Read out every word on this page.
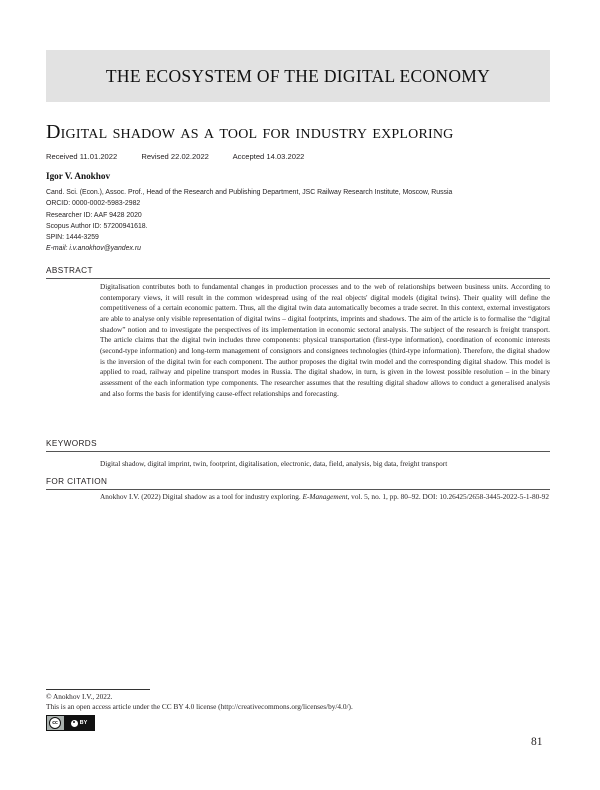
THE ECOSYSTEM OF THE DIGITAL ECONOMY
Digital shadow as a tool for industry exploring
Received 11.01.2022	Revised 22.02.2022	Accepted 14.03.2022
Igor V. Anokhov
Cand. Sci. (Econ.), Assoc. Prof., Head of the Research and Publishing Department, JSC Railway Research Institute, Moscow, Russia
ORCID: 0000-0002-5983-2982
Researcher ID: AAF 9428 2020
Scopus Author ID: 57200941618.
SPIN: 1444-3259
E-mail: i.v.anokhov@yandex.ru
ABSTRACT

Digitalisation contributes both to fundamental changes in production processes and to the web of relationships between business units. According to contemporary views, it will result in the common widespread using of the real objects' digital models (digital twins). Their quality will define the competitiveness of a certain economic pattern. Thus, all the digital twin data automatically becomes a trade secret. In this context, external investigators are able to analyse only visible representation of digital twins – digital footprints, imprints and shadows. The aim of the article is to formalise the “digital shadow” notion and to investigate the perspectives of its implementation in economic sectoral analysis. The subject of the research is freight transport. The article claims that the digital twin includes three components: physical transportation (first-type information), coordination of economic interests (second-type information) and long-term management of consignors and consignees technologies (third-type information). Therefore, the digital shadow is the inversion of the digital twin for each component. The author proposes the digital twin model and the corresponding digital shadow. This model is applied to road, railway and pipeline transport modes in Russia. The digital shadow, in turn, is given in the lowest possible resolution – in the binary assessment of the each information type components. The researcher assumes that the resulting digital shadow allows to conduct a generalised analysis and also forms the basis for identifying cause-effect relationships and forecasting.

KEYWORDS
Digital shadow, digital imprint, twin, footprint, digitalisation, electronic, data, field, analysis, big data, freight transport
FOR CITATION

Anokhov I.V. (2022) Digital shadow as a tool for industry exploring. E-Management, vol. 5, no. 1, pp. 80–92. DOI: 10.26425/2658-3445-2022-5-1-80-92

© Anokhov I.V., 2022.
This is an open access article under the CC BY 4.0 license (http://creativecommons.org/licenses/by/4.0/).
cc	BY
81
